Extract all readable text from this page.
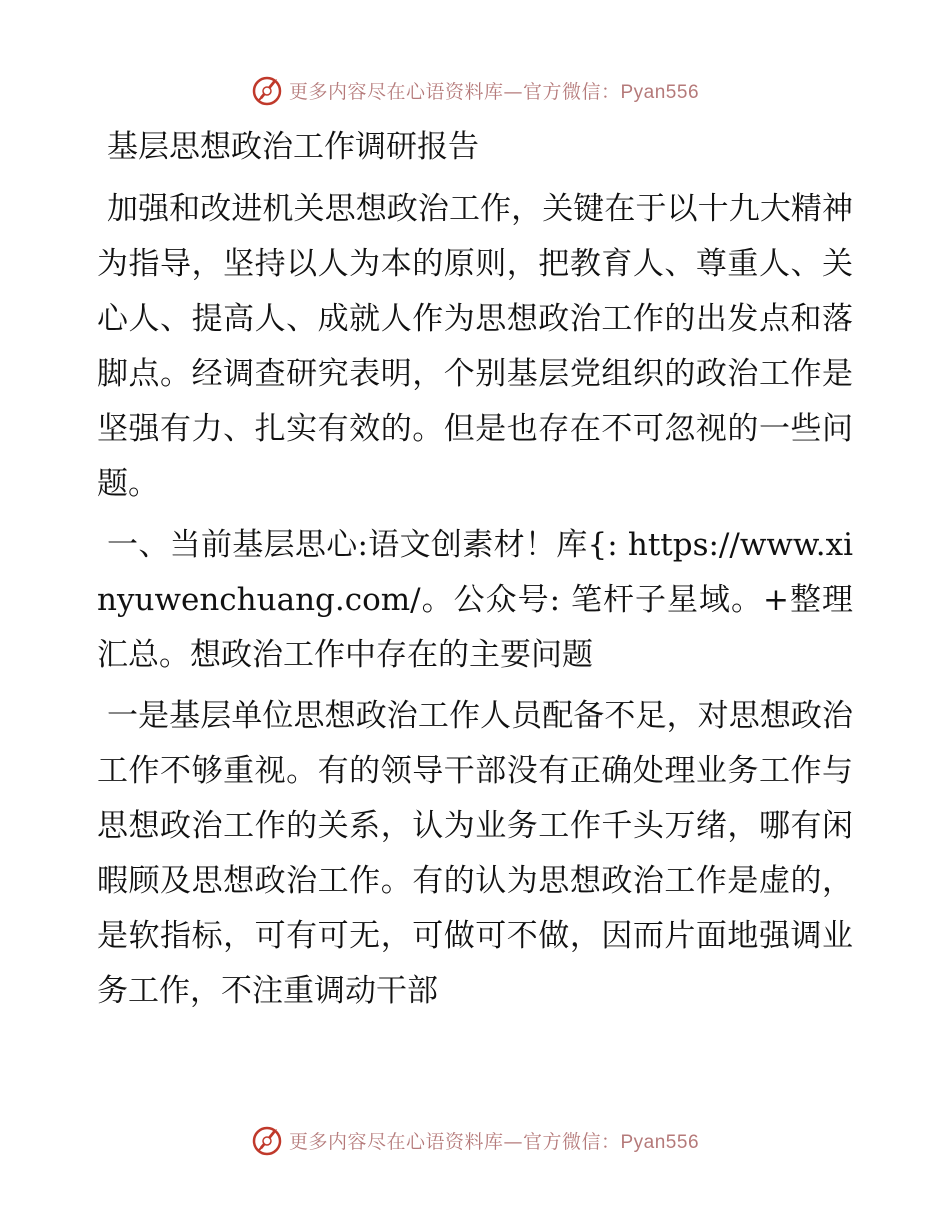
更多内容尽在心语资料库—官方微信：Pyan556
基层思想政治工作调研报告

加强和改进机关思想政治工作，关键在于以十九大精神为指导，坚持以人为本的原则，把教育人、尊重人、关心人、提高人、成就人作为思想政治工作的出发点和落脚点。经调查研究表明，个别基层党组织的政治工作是坚强有力、扎实有效的。但是也存在不可忽视的一些问题。

一、当前基层思心:语文创素材！库{: https://www.xinyuwenchuang.com/。公众号: 笔杆子星域。+整理汇总。想政治工作中存在的主要问题

一是基层单位思想政治工作人员配备不足，对思想政治工作不够重视。有的领导干部没有正确处理业务工作与思想政治工作的关系，认为业务工作千头万绪，哪有闲暇顾及思想政治工作。有的认为思想政治工作是虚的，是软指标，可有可无，可做可不做，因而片面地强调业务工作，不注重调动干部

更多内容尽在心语资料库—官方微信：Pyan556
